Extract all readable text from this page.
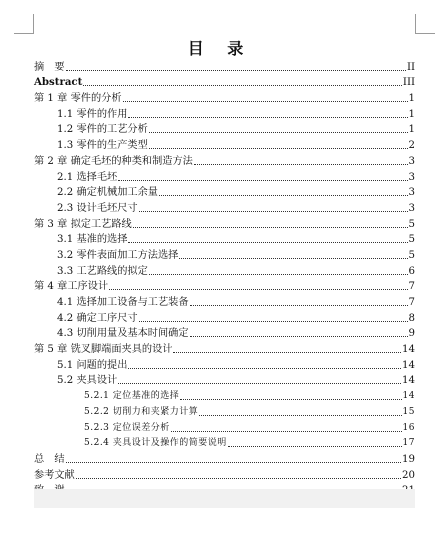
目 录
摘　要	II
Abstract	III
第 1 章 零件的分析	1
1.1 零件的作用	1
1.2 零件的工艺分析	1
1.3 零件的生产类型	2
第 2 章 确定毛坯的种类和制造方法	3
2.1 选择毛坯	3
2.2 确定机械加工余量	3
2.3 设计毛坯尺寸	3
第 3 章 拟定工艺路线	5
3.1 基准的选择	5
3.2 零件表面加工方法选择	5
3.3 工艺路线的拟定	6
第 4 章工序设计	7
4.1 选择加工设备与工艺装备	7
4.2 确定工序尺寸	8
4.3 切削用量及基本时间确定	9
第 5 章 铣叉脚端面夹具的设计	14
5.1 问题的提出	14
5.2 夹具设计	14
5.2.1 定位基准的选择	14
5.2.2 切削力和夹紧力计算	15
5.2.3 定位误差分析	16
5.2.4 夹具设计及操作的简要说明	17
总　结	19
参考文献	20
